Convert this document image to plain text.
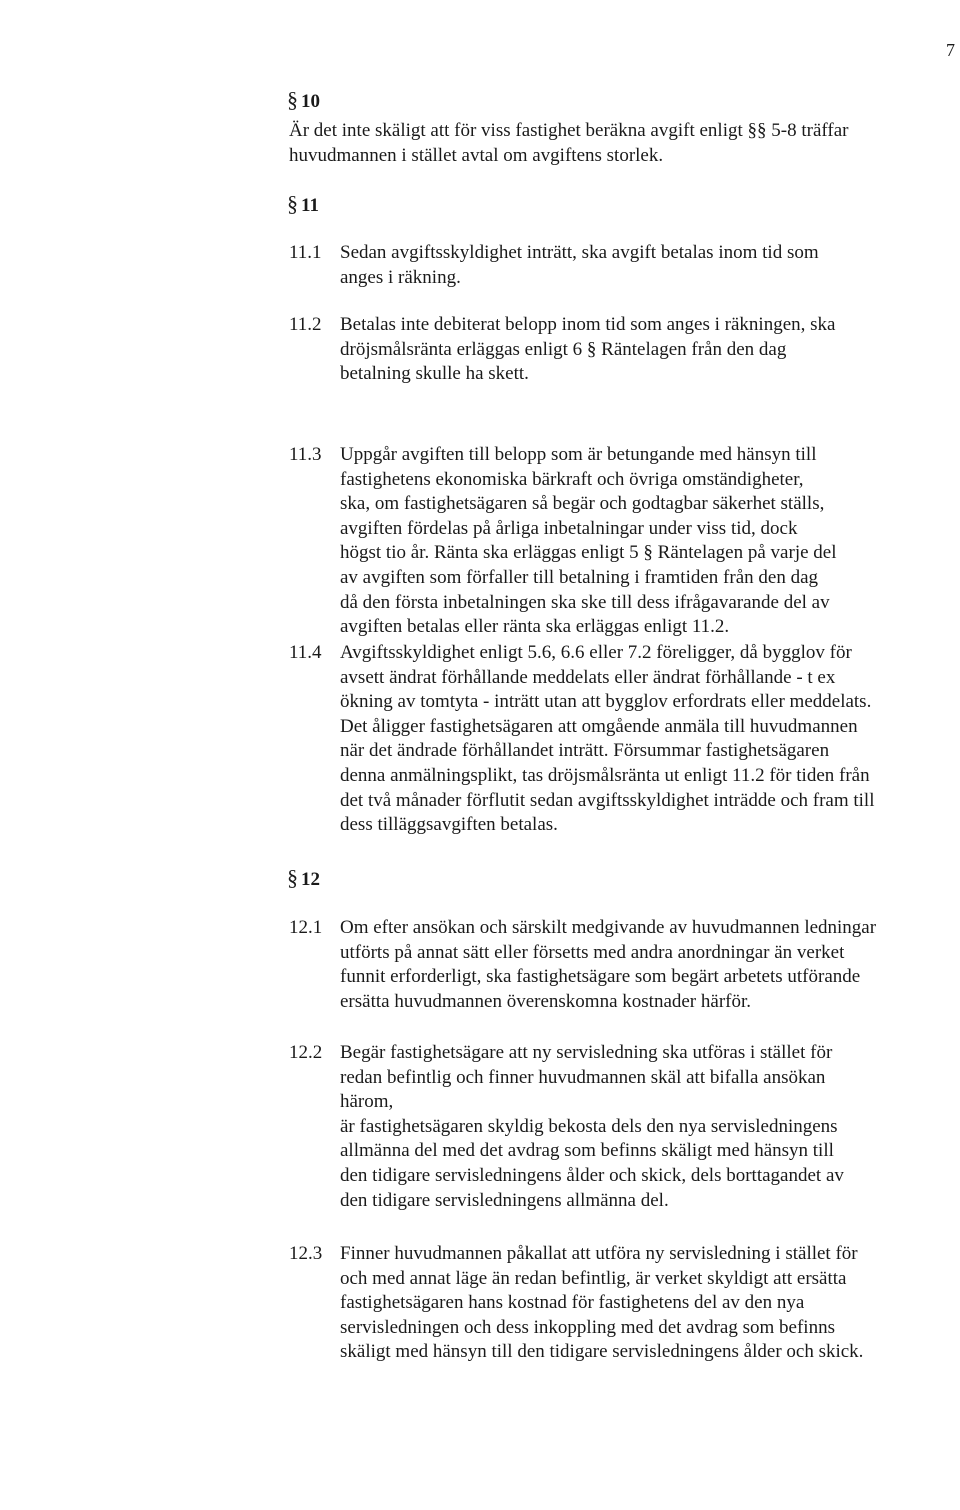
7
§ 10

Är det inte skäligt att för viss fastighet beräkna avgift enligt §§ 5-8 träffar huvudmannen i stället avtal om avgiftens storlek.

§ 11
11.1 Sedan avgiftsskyldighet inträtt, ska avgift betalas inom tid som
anges i räkning.

11.2 Betalas inte debiterat belopp inom tid som anges i räkningen, ska
dröjsmålsränta erläggas enligt 6 § Räntelagen från den dag
betalning skulle ha skett.

11.3 Uppgår avgiften till belopp som är betungande med hänsyn till
fastighetens ekonomiska bärkraft och övriga omständigheter,
ska, om fastighetsägaren så begär och godtagbar säkerhet ställs,
avgiften fördelas på årliga inbetalningar under viss tid, dock
högst tio år. Ränta ska erläggas enligt 5 § Räntelagen på varje del
av avgiften som förfaller till betalning i framtiden från den dag
då den första inbetalningen ska ske till dess ifrågavarande del av
avgiften betalas eller ränta ska erläggas enligt 11.2.

11.4 Avgiftsskyldighet enligt 5.6, 6.6 eller 7.2 föreligger, då bygglov för
avsett ändrat förhållande meddelats eller ändrat förhållande - t ex
ökning av tomtyta - inträtt utan att bygglov erfordrats eller meddelats.
Det åligger fastighetsägaren att omgående anmäla till huvudmannen
när det ändrade förhållandet inträtt. Försummar fastighetsägaren
denna anmälningsplikt, tas dröjsmålsränta ut enligt 11.2 för tiden från
det två månader förflutit sedan avgiftsskyldighet inträdde och fram till
dess tilläggsavgiften betalas.

§ 12
12.1 Om efter ansökan och särskilt medgivande av huvudmannen ledningar
utförts på annat sätt eller försetts med andra anordningar än verket
funnit erforderligt, ska fastighetsägare som begärt arbetets utförande
ersätta huvudmannen överenskomna kostnader härför.

12.2 Begär fastighetsägare att ny servisledning ska utföras i stället för
redan befintlig och finner huvudmannen skäl att bifalla ansökan
härom,
är fastighetsägaren skyldig bekosta dels den nya servisledningens
allmänna del med det avdrag som befinns skäligt med hänsyn till
den tidigare servisledningens ålder och skick, dels borttagandet av
den tidigare servisledningens allmänna del.

12.3 Finner huvudmannen påkallat att utföra ny servisledning i stället för
och med annat läge än redan befintlig, är verket skyldigt att ersätta
fastighetsägaren hans kostnad för fastighetens del av den nya
servisledningen och dess inkoppling med det avdrag som befinns
skäligt med hänsyn till den tidigare servisledningens ålder och skick.
